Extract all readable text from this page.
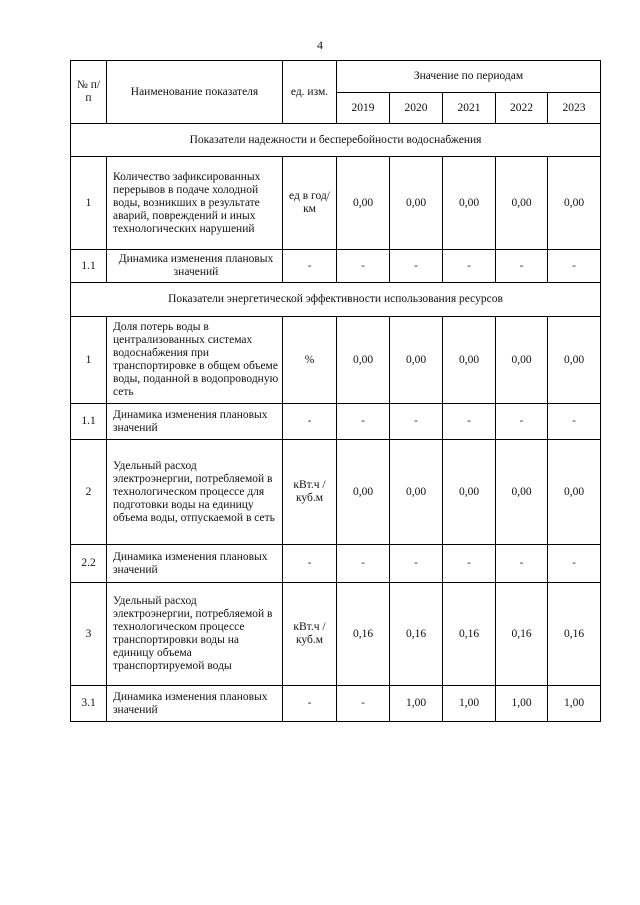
4
№ п/п	Наименование показателя	ед. изм.	Значение по периодам				
			2019	2020	2021	2022	2023
Показатели надежности и бесперебойности водоснабжения							
1	Количество зафиксированных перерывов в подаче холодной воды, возникших в результате аварий, повреждений и иных технологических нарушений	ед в год/ км	0,00	0,00	0,00	0,00	0,00
1.1	Динамика изменения плановых значений	-	-	-	-	-	-
Показатели энергетической эффективности использования ресурсов							
1	Доля потерь воды в централизованных системах водоснабжения при транспортировке в общем объеме воды, поданной в водопроводную сеть	%	0,00	0,00	0,00	0,00	0,00
1.1	Динамика изменения плановых значений	-	-	-	-	-	-
2	Удельный расход электроэнергии, потребляемой в технологическом процессе для подготовки воды на единицу объема воды, отпускаемой в сеть	кВт.ч / куб.м	0,00	0,00	0,00	0,00	0,00
2.2	Динамика изменения плановых значений	-	-	-	-	-	-
3	Удельный расход электроэнергии, потребляемой в технологическом процессе транспортировки воды на единицу объема транспортируемой воды	кВт.ч / куб.м	0,16	0,16	0,16	0,16	0,16
3.1	Динамика изменения плановых значений	-	-	1,00	1,00	1,00	1,00
